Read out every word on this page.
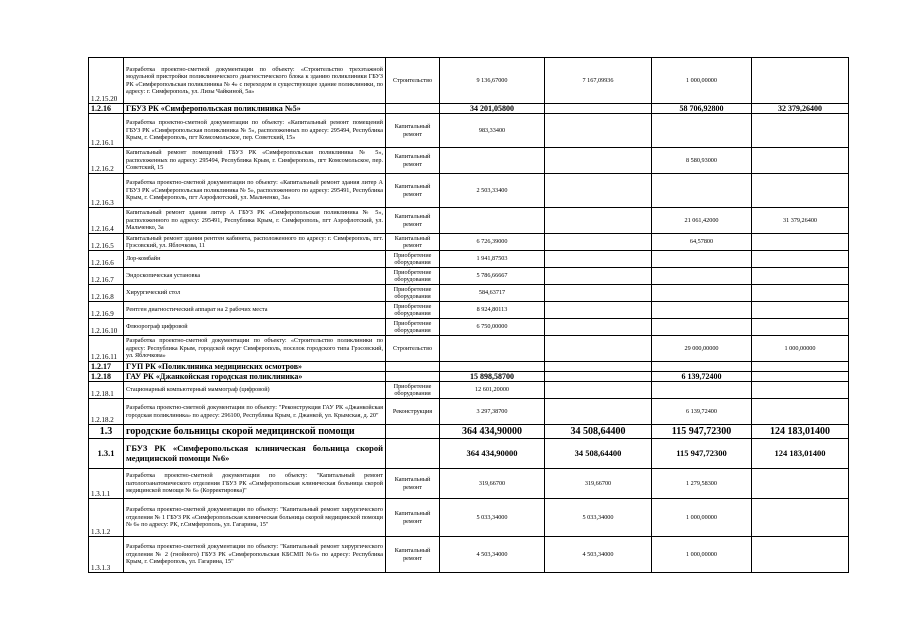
1.2.15.20	Разработка проектно-сметной документации по объекту: «Строительство трехэтажной модульной пристройки поликлинического диагностического блока к зданию поликлиники ГБУЗ РК «Симферопольская поликлиника № 4» с переходом в существующее здание поликлиники, по адресу: г. Симферополь, ул. Лизы Чайкиной, 5а»	Строительство	9 136,67000	7 167,09936	1 000,00000	
1.2.16	ГБУЗ РК «Симферопольская поликлиника №5»		34 201,05800		58 706,92800	32 379,26400
1.2.16.1	Разработка проектно-сметной документации по объекту: «Капитальный ремонт помещений ГБУЗ РК «Симферопольская поликлиника № 5», расположенных по адресу: 295494, Республика Крым, г. Симферополь, пгт Комсомольское, пер. Советский, 15»	Капитальный ремонт	983,33400			
1.2.16.2	Капитальный ремонт помещений ГБУЗ РК «Симферопольская поликлиника № 5», расположенных по адресу: 295494, Республика Крым, г. Симферополь, пгт Комсомольское, пер. Советский, 15	Капитальный ремонт			8 580,93000	
1.2.16.3	Разработка проектно-сметной документации по объекту: «Капитальный ремонт здания литер А ГБУЗ РК «Симферопольская поликлиника № 5», расположенного по адресу: 295491, Республика Крым, г. Симферополь, пгт Аэрофлотский, ул. Мальченко, 3а»	Капитальный ремонт	2 503,33400			
1.2.16.4	Капитальный ремонт здания литер А ГБУЗ РК «Симферопольская поликлиника № 5», расположенного по адресу: 295491, Республика Крым, г. Симферополь, пгт Аэрофлотский, ул. Мальченко, 3а	Капитальный ремонт			21 061,42000	31 379,26400
1.2.16.5	Капитальный ремонт здания рентген кабинета, расположенного по адресу: г. Симферополь, пгт. Грэсовский, ул. Яблочкова, 11	Капитальный ремонт	6 726,39000		64,57800	
1.2.16.6	Лор-комбайн	Приобретение оборудования	1 941,87503			
1.2.16.7	Эндоскопическая установка	Приобретение оборудования	5 786,66667			
1.2.16.8	Хирургический стол	Приобретение оборудования	584,63717			
1.2.16.9	Рентген диагностический аппарат на 2 рабочих места	Приобретение оборудования	8 924,80113			
1.2.16.10	Флюорограф цифровой	Приобретение оборудования	6 750,00000			
1.2.16.11	Разработка проектно-сметной документации по объекту: «Строительство поликлиники по адресу: Республика Крым, городской округ Симферополь, поселок городского типа Грэсовский, ул. Яблочкова»	Строительство			29 000,00000	1 000,00000
1.2.17	ГУП РК «Поликлиника медицинских осмотров»					
1.2.18	ГАУ РК «Джанкойская городская поликлиника»		15 898,58700		6 139,72400	
1.2.18.1	Стационарный компьютерный маммограф (цифровой)	Приобретение оборудования	12 601,20000			
1.2.18.2	Разработка проектно-сметной документации по объекту: "Реконструкция ГАУ РК «Джанкойская городская поликлиника» по адресу: 296100, Республика Крым, г. Джанкой, ул. Крымская, д. 20"	Реконструкция	3 297,38700		6 139,72400	
1.3	городские больницы скорой медицинской помощи		364 434,90000	34 508,64400	115 947,72300	124 183,01400
1.3.1	ГБУЗ РК «Симферопольская клиническая больница скорой медицинской помощи №6»		364 434,90000	34 508,64400	115 947,72300	124 183,01400
1.3.1.1	Разработка проектно-сметной документации по объекту: "Капитальный ремонт патологоанатомического отделения ГБУЗ РК «Симферопольская клиническая больница скорой медицинской помощи № 6» (Корректировка)"	Капитальный ремонт	319,66700	319,66700	1 279,58300	
1.3.1.2	Разработка проектно-сметной документации по объекту: "Капитальный ремонт хирургического отделения № 1 ГБУЗ РК «Симферопольская клиническая больница скорой медицинской помощи № 6» по адресу: РК, г.Симферополь, ул. Гагарина, 15"	Капитальный ремонт	5 033,34000	5 033,34000	1 000,00000	
1.3.1.3	Разработка проектно-сметной документации по объекту: "Капитальный ремонт хирургического отделения № 2 (гнойного) ГБУЗ РК «Симферопольская КБСМП №6» по адресу: Республика Крым, г. Симферополь, ул. Гагарина, 15"	Капитальный ремонт	4 503,34000	4 503,34000	1 000,00000	
